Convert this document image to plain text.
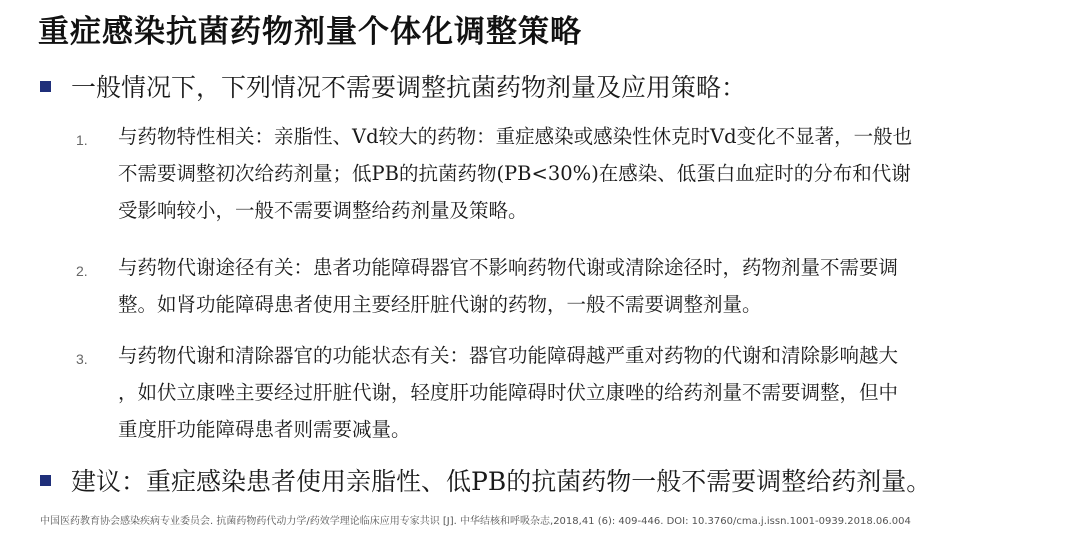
重症感染抗菌药物剂量个体化调整策略
一般情况下，下列情况不需要调整抗菌药物剂量及应用策略：
1. 与药物特性相关：亲脂性、Vd较大的药物：重症感染或感染性休克时Vd变化不显著，一般也
不需要调整初次给药剂量；低PB的抗菌药物(PB<30%)在感染、低蛋白血症时的分布和代谢
受影响较小，一般不需要调整给药剂量及策略。
2. 与药物代谢途径有关：患者功能障碍器官不影响药物代谢或清除途径时，药物剂量不需要调
整。如肾功能障碍患者使用主要经肝脏代谢的药物，一般不需要调整剂量。
3. 与药物代谢和清除器官的功能状态有关：器官功能障碍越严重对药物的代谢和清除影响越大
，如伏立康唑主要经过肝脏代谢，轻度肝功能障碍时伏立康唑的给药剂量不需要调整，但中
重度肝功能障碍患者则需要减量。
建议：重症感染患者使用亲脂性、低PB的抗菌药物一般不需要调整给药剂量。
中国医药教育协会感染疾病专业委员会. 抗菌药物药代动力学/药效学理论临床应用专家共识 [J]. 中华结核和呼吸杂志,2018,41 (6): 409-446. DOI: 10.3760/cma.j.issn.1001-0939.2018.06.004
